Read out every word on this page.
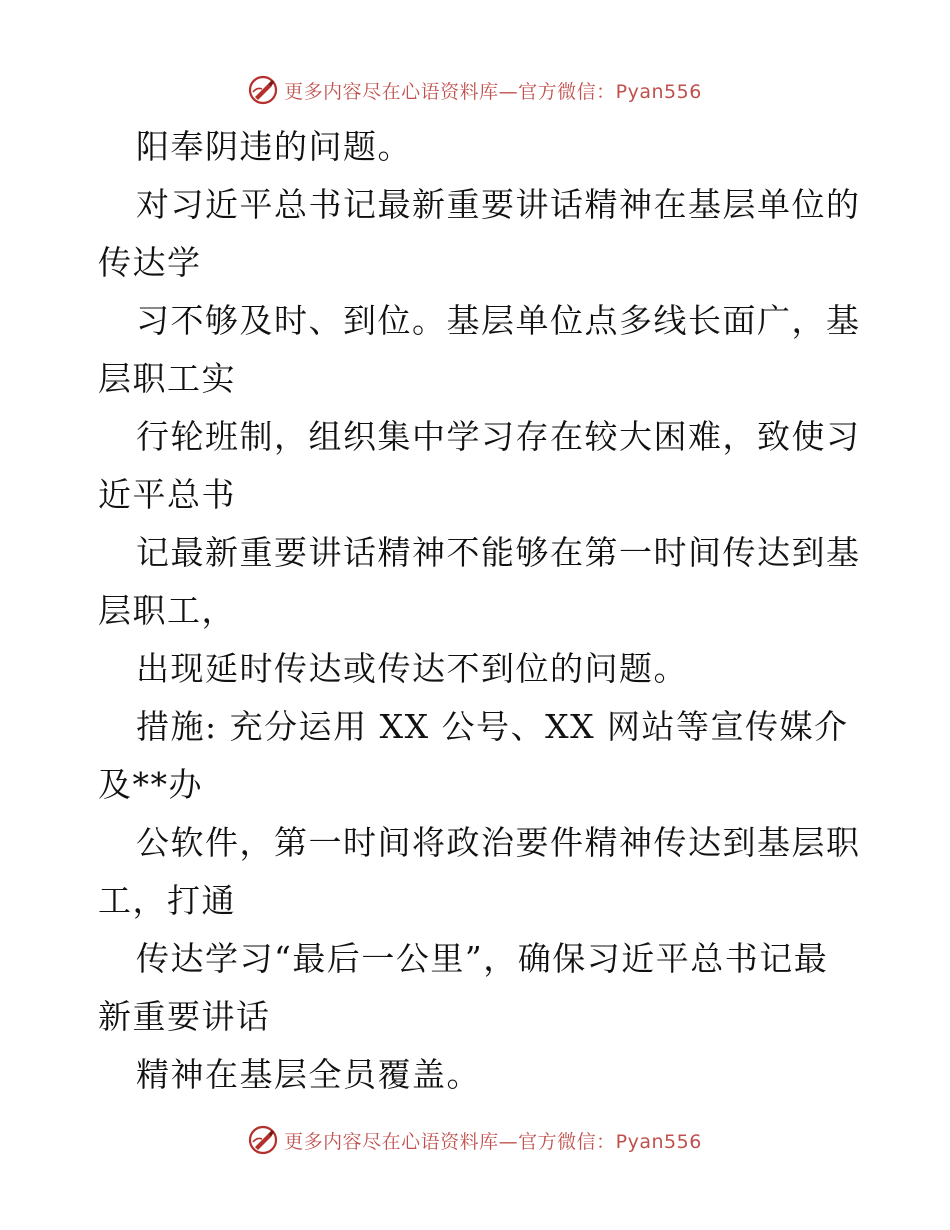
更多内容尽在心语资料库—官方微信：Pyan556
阳奉阴违的问题。
对习近平总书记最新重要讲话精神在基层单位的
传达学
习不够及时、到位。基层单位点多线长面广，基
层职工实
行轮班制，组织集中学习存在较大困难，致使习
近平总书
记最新重要讲话精神不能够在第一时间传达到基
层职工，
出现延时传达或传达不到位的问题。
措施: 充分运用 XX 公号、XX 网站等宣传媒介
及**办
公软件，第一时间将政治要件精神传达到基层职
工，打通
传达学习“最后一公里”，确保习近平总书记最
新重要讲话
精神在基层全员覆盖。
更多内容尽在心语资料库—官方微信：Pyan556
